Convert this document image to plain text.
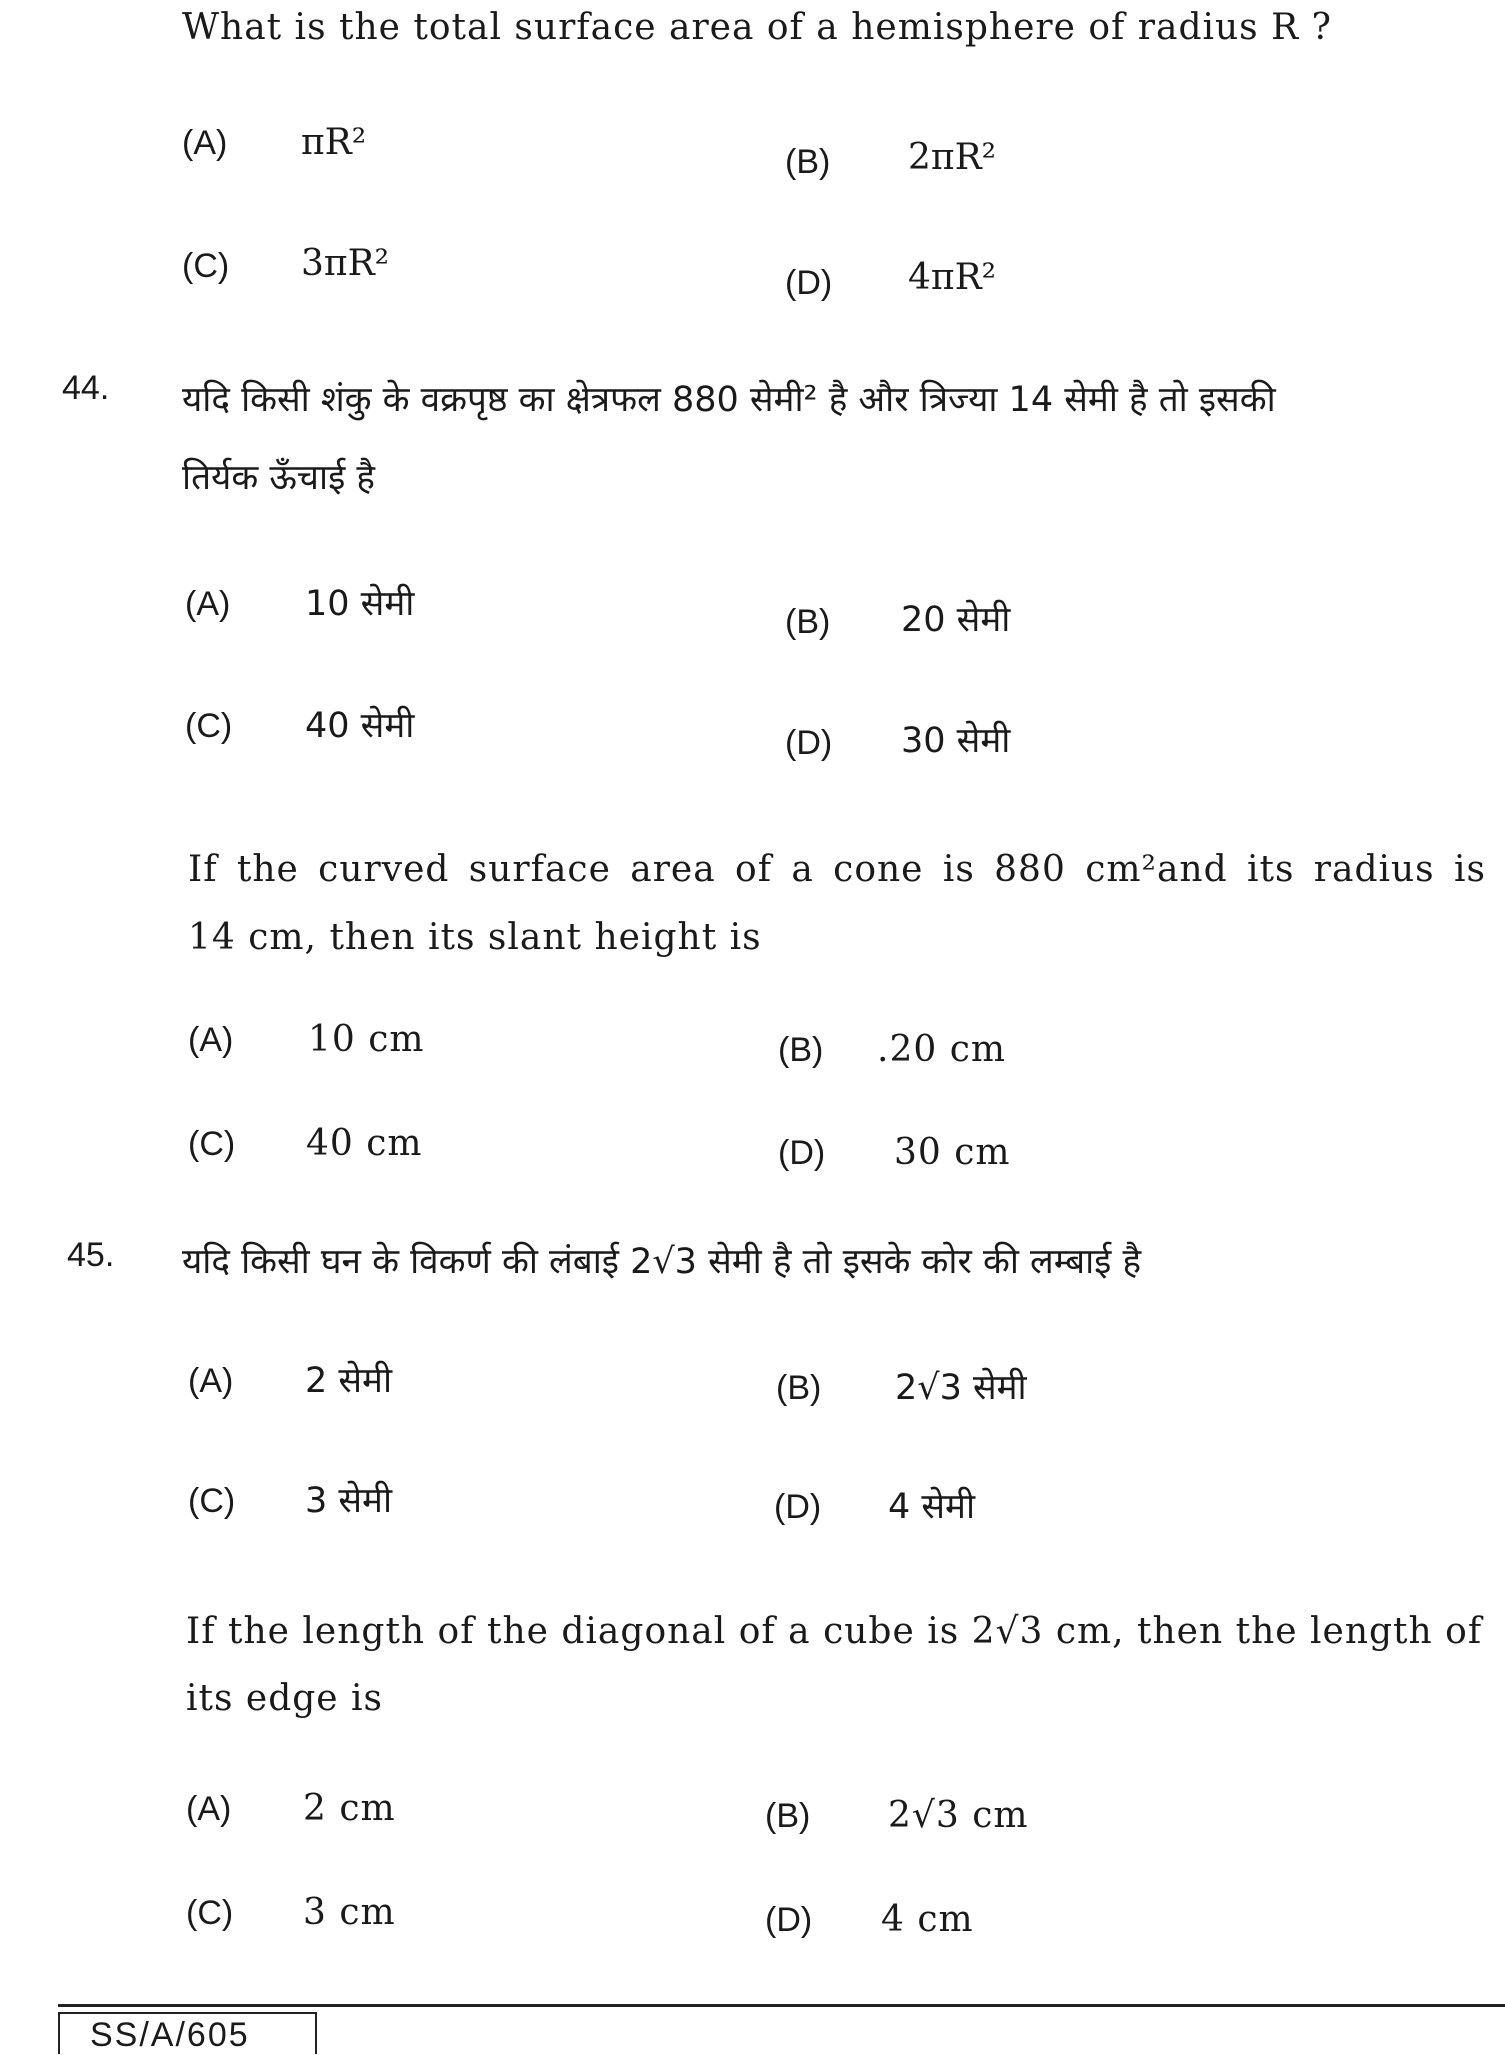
What is the total surface area of a hemisphere of radius R ?
(A) πR²	(B) 2πR²
(C) 3πR²	(D) 4πR²
44. यदि किसी शंकु के वक्रपृष्ठ का क्षेत्रफल 880 सेमी² है और त्रिज्या 14 सेमी है तो इसकी
तिर्यक ऊँचाई है
(A) 10 सेमी	(B) 20 सेमी
(C) 40 सेमी	(D) 30 सेमी
If the curved surface area of a cone is 880 cm²and its radius is
14 cm, then its slant height is
(A) 10 cm	(B) .20 cm
(C) 40 cm	(D) 30 cm
45. यदि किसी घन के विकर्ण की लंबाई 2√3 सेमी है तो इसके कोर की लम्बाई है
(A) 2 सेमी	(B) 2√3 सेमी
(C) 3 सेमी	(D) 4 सेमी
If the length of the diagonal of a cube is 2√3 cm, then the length of
its edge is
(A) 2 cm	(B) 2√3 cm
(C) 3 cm	(D) 4 cm
SS/A/605
